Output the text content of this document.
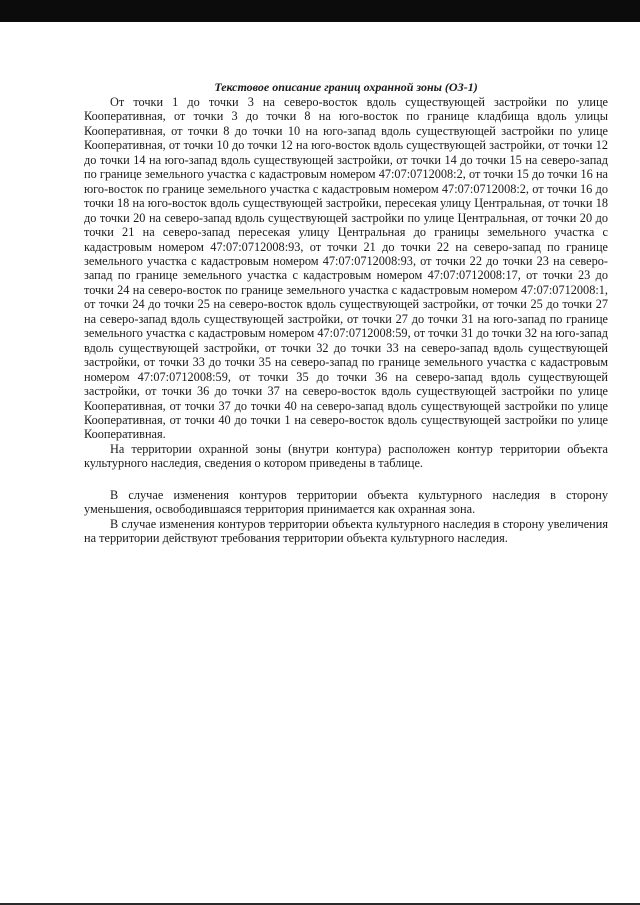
Текстовое описание границ охранной зоны (ОЗ-1)

От точки 1 до точки 3 на северо-восток вдоль существующей застройки по улице Кооперативная, от точки 3 до точки 8 на юго-восток по границе кладбища вдоль улицы Кооперативная, от точки 8 до точки 10 на юго-запад вдоль существующей застройки по улице Кооперативная, от точки 10 до точки 12 на юго-восток вдоль существующей застройки, от точки 12 до точки 14 на юго-запад вдоль существующей застройки, от точки 14 до точки 15 на северо-запад по границе земельного участка с кадастровым номером 47:07:0712008:2, от точки 15 до точки 16 на юго-восток по границе земельного участка с кадастровым номером 47:07:0712008:2, от точки 16 до точки 18 на юго-восток вдоль существующей застройки, пересекая улицу Центральная, от точки 18 до точки 20 на северо-запад вдоль существующей застройки по улице Центральная, от точки 20 до точки 21 на северо-запад пересекая улицу Центральная до границы земельного участка с кадастровым номером 47:07:0712008:93, от точки 21 до точки 22 на северо-запад по границе земельного участка с кадастровым номером 47:07:0712008:93, от точки 22 до точки 23 на северо-запад по границе земельного участка с кадастровым номером 47:07:0712008:17, от точки 23 до точки 24 на северо-восток по границе земельного участка с кадастровым номером 47:07:0712008:1, от точки 24 до точки 25 на северо-восток вдоль существующей застройки, от точки 25 до точки 27 на северо-запад вдоль существующей застройки, от точки 27 до точки 31 на юго-запад по границе земельного участка с кадастровым номером 47:07:0712008:59, от точки 31 до точки 32 на юго-запад вдоль существующей застройки, от точки 32 до точки 33 на северо-запад вдоль существующей застройки, от точки 33 до точки 35 на северо-запад по границе земельного участка с кадастровым номером 47:07:0712008:59, от точки 35 до точки 36 на северо-запад вдоль существующей застройки, от точки 36 до точки 37 на северо-восток вдоль существующей застройки по улице Кооперативная, от точки 37 до точки 40 на северо-запад вдоль существующей застройки по улице Кооперативная, от точки 40 до точки 1 на северо-восток вдоль существующей застройки по улице Кооперативная.

На территории охранной зоны (внутри контура) расположен контур территории объекта культурного наследия, сведения о котором приведены в таблице.

В случае изменения контуров территории объекта культурного наследия в сторону уменьшения, освободившаяся территория принимается как охранная зона.

В случае изменения контуров территории объекта культурного наследия в сторону увеличения на территории действуют требования территории объекта культурного наследия.
